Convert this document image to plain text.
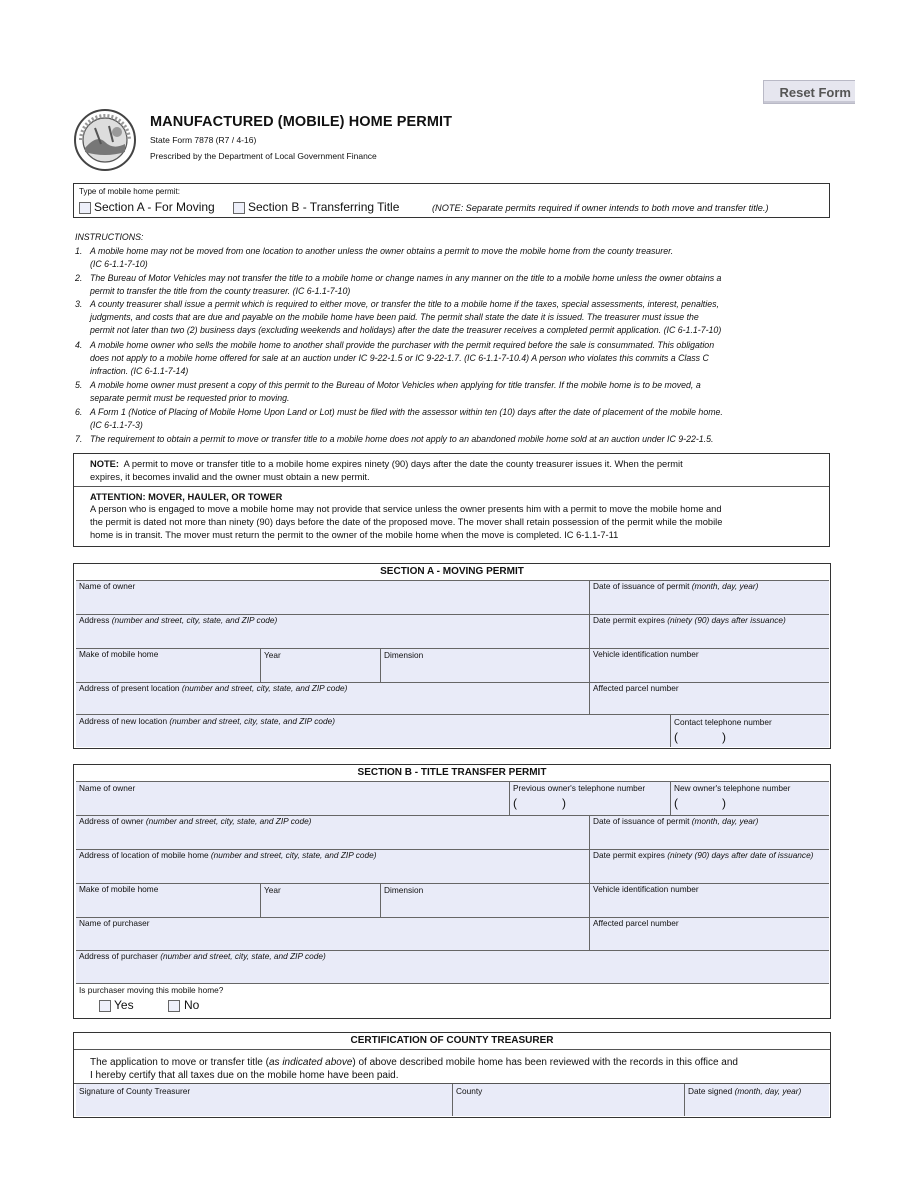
Reset Form
MANUFACTURED (MOBILE) HOME PERMIT
State Form 7878 (R7 / 4-16)
Prescribed by the Department of Local Government Finance
Type of mobile home permit:
Section A - For Moving	Section B - Transferring Title	(NOTE: Separate permits required if owner intends to both move and transfer title.)
INSTRUCTIONS:
1. A mobile home may not be moved from one location to another unless the owner obtains a permit to move the mobile home from the county treasurer.
(IC 6-1.1-7-10)
2. The Bureau of Motor Vehicles may not transfer the title to a mobile home or change names in any manner on the title to a mobile home unless the owner obtains a
permit to transfer the title from the county treasurer. (IC 6-1.1-7-10)
3. A county treasurer shall issue a permit which is required to either move, or transfer the title to a mobile home if the taxes, special assessments, interest, penalties,
judgments, and costs that are due and payable on the mobile home have been paid. The permit shall state the date it is issued. The treasurer must issue the
permit not later than two (2) business days (excluding weekends and holidays) after the date the treasurer receives a completed permit application. (IC 6-1.1-7-10)
4. A mobile home owner who sells the mobile home to another shall provide the purchaser with the permit required before the sale is consummated. This obligation
does not apply to a mobile home offered for sale at an auction under IC 9-22-1.5 or IC 9-22-1.7. (IC 6-1.1-7-10.4) A person who violates this commits a Class C
infraction. (IC 6-1.1-7-14)
5. A mobile home owner must present a copy of this permit to the Bureau of Motor Vehicles when applying for title transfer. If the mobile home is to be moved, a
separate permit must be requested prior to moving.
6. A Form 1 (Notice of Placing of Mobile Home Upon Land or Lot) must be filed with the assessor within ten (10) days after the date of placement of the mobile home.
(IC 6-1.1-7-3)
7. The requirement to obtain a permit to move or transfer title to a mobile home does not apply to an abandoned mobile home sold at an auction under IC 9-22-1.5.
NOTE: A permit to move or transfer title to a mobile home expires ninety (90) days after the date the county treasurer issues it. When the permit
expires, it becomes invalid and the owner must obtain a new permit.
ATTENTION: MOVER, HAULER, OR TOWER
A person who is engaged to move a mobile home may not provide that service unless the owner presents him with a permit to move the mobile home and
the permit is dated not more than ninety (90) days before the date of the proposed move. The mover shall retain possession of the permit while the mobile
home is in transit. The mover must return the permit to the owner of the mobile home when the move is completed. IC 6-1.1-7-11
SECTION A - MOVING PERMIT
Name of owner	Date of issuance of permit (month, day, year)
Address (number and street, city, state, and ZIP code)	Date permit expires (ninety (90) days after issuance)
Make of mobile home	Year	Dimension	Vehicle identification number
Address of present location (number and street, city, state, and ZIP code)	Affected parcel number
Address of new location (number and street, city, state, and ZIP code)	Contact telephone number
(	)
SECTION B - TITLE TRANSFER PERMIT
Name of owner	Previous owner's telephone number	New owner's telephone number
(	)	(	)
Address of owner (number and street, city, state, and ZIP code)	Date of issuance of permit (month, day, year)
Address of location of mobile home (number and street, city, state, and ZIP code)	Date permit expires (ninety (90) days after date of issuance)
Make of mobile home	Year	Dimension	Vehicle identification number
Name of purchaser	Affected parcel number
Address of purchaser (number and street, city, state, and ZIP code)
Is purchaser moving this mobile home?
Yes	No
CERTIFICATION OF COUNTY TREASURER
Signature of County Treasurer	County	Date signed (month, day, year)
The application to move or transfer title (as indicated above) of above described mobile home has been reviewed with the records in this office and
I hereby certify that all taxes due on the mobile home have been paid.
